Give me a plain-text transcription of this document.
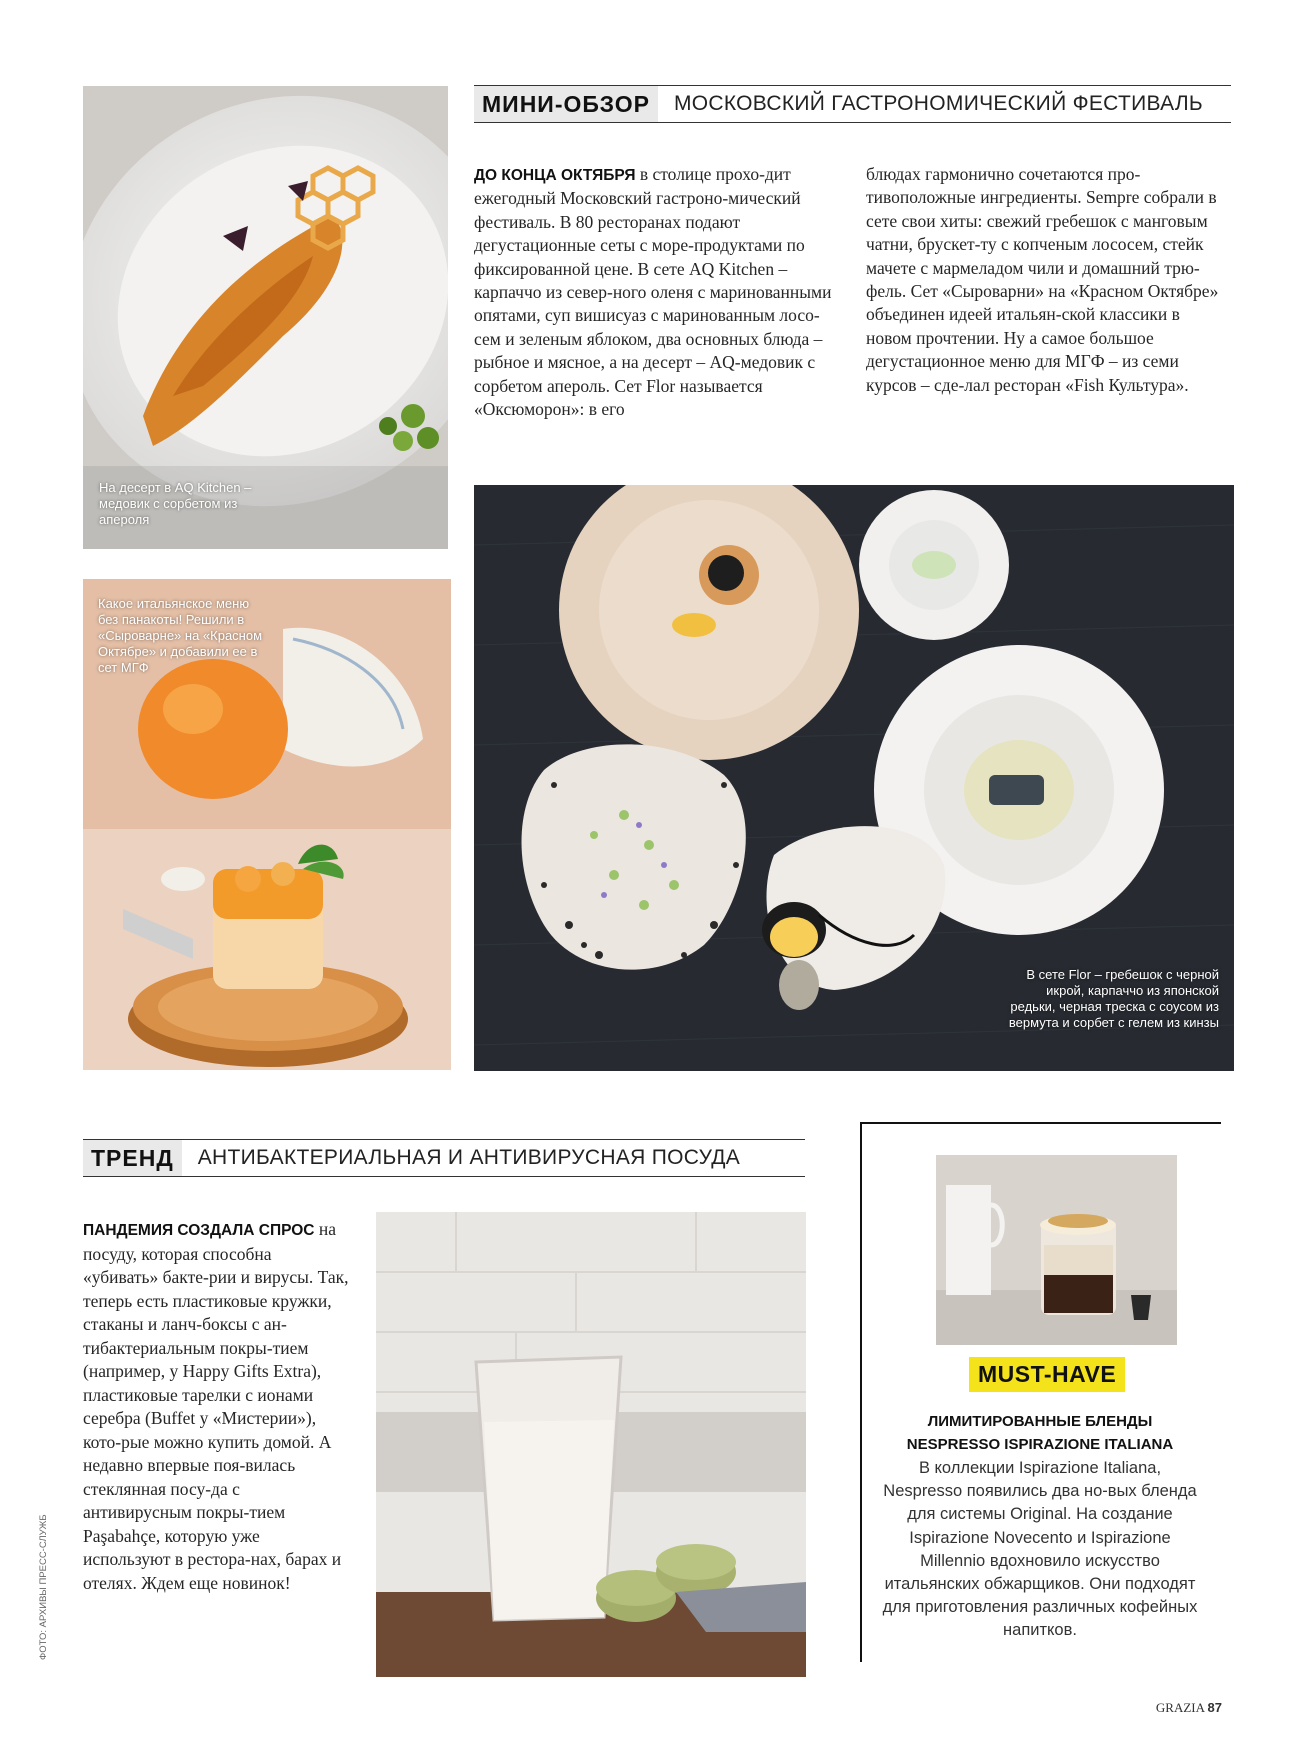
На десерт в AQ Kitchen – медовик с сорбетом из апероля
Какое итальянское меню без панакоты! Решили в «Сыроварне» на «Красном Октябре» и добавили ее в сет МГФ
МИНИ-ОБЗОР	МОСКОВСКИЙ ГАСТРОНОМИЧЕСКИЙ ФЕСТИВАЛЬ

ДО КОНЦА ОКТЯБРЯ в столице прохо-дит ежегодный Московский гастроно-мический фестиваль. В 80 ресторанах подают дегустационные сеты с море-продуктами по фиксированной цене. В сете AQ Kitchen – карпаччо из север-ного оленя с маринованными опятами, суп вишисуаз с маринованным лосо-сем и зеленым яблоком, два основных блюда – рыбное и мясное, а на десерт – AQ-медовик с сорбетом апероль. Сет Flor называется «Оксюморон»: в его

блюдах гармонично сочетаются про-тивоположные ингредиенты. Sempre собрали в сете свои хиты: свежий гребешок с манговым чатни, брускет-ту с копченым лососем, стейк мачете с мармеладом чили и домашний трю-фель. Сет «Сыроварни» на «Красном Октябре» объединен идеей итальян-ской классики в новом прочтении. Ну а самое большое дегустационное меню для МГФ – из семи курсов – сде-лал ресторан «Fish Культура».

В сете Flor – гребешок с черной икрой, карпаччо из японской редьки, черная треска с соусом из вермута и сорбет с гелем из кинзы
ТРЕНД	АНТИБАКТЕРИАЛЬНАЯ И АНТИВИРУСНАЯ ПОСУДА

ПАНДЕМИЯ СОЗДАЛА СПРОС на посуду, которая способна «убивать» бакте-рии и вирусы. Так, теперь есть пластиковые кружки, стаканы и ланч-боксы с ан-тибактериальным покры-тием (например, у Happy Gifts Extra), пластиковые тарелки с ионами серебра (Buffet у «Мистерии»), кото-рые можно купить домой. А недавно впервые поя-вилась стеклянная посу-да с антивирусным покры-тием Paşabahçe, которую уже используют в рестора-нах, барах и отелях. Ждем еще новинок!

MUST-HAVE
ЛИМИТИРОВАННЫЕ БЛЕНДЫ NESPRESSO ISPIRAZIONE ITALIANA
В коллекции Ispirazione Italiana, Nespresso появились два но-вых бленда для системы Original. На создание Ispirazione Novecento и Ispirazione Millennio вдохновило искусство итальянских обжарщиков. Они подходят для приготовления различных кофейных напитков.
ФОТО: АРХИВЫ ПРЕСС-СЛУЖБ
GRAZIA 87
